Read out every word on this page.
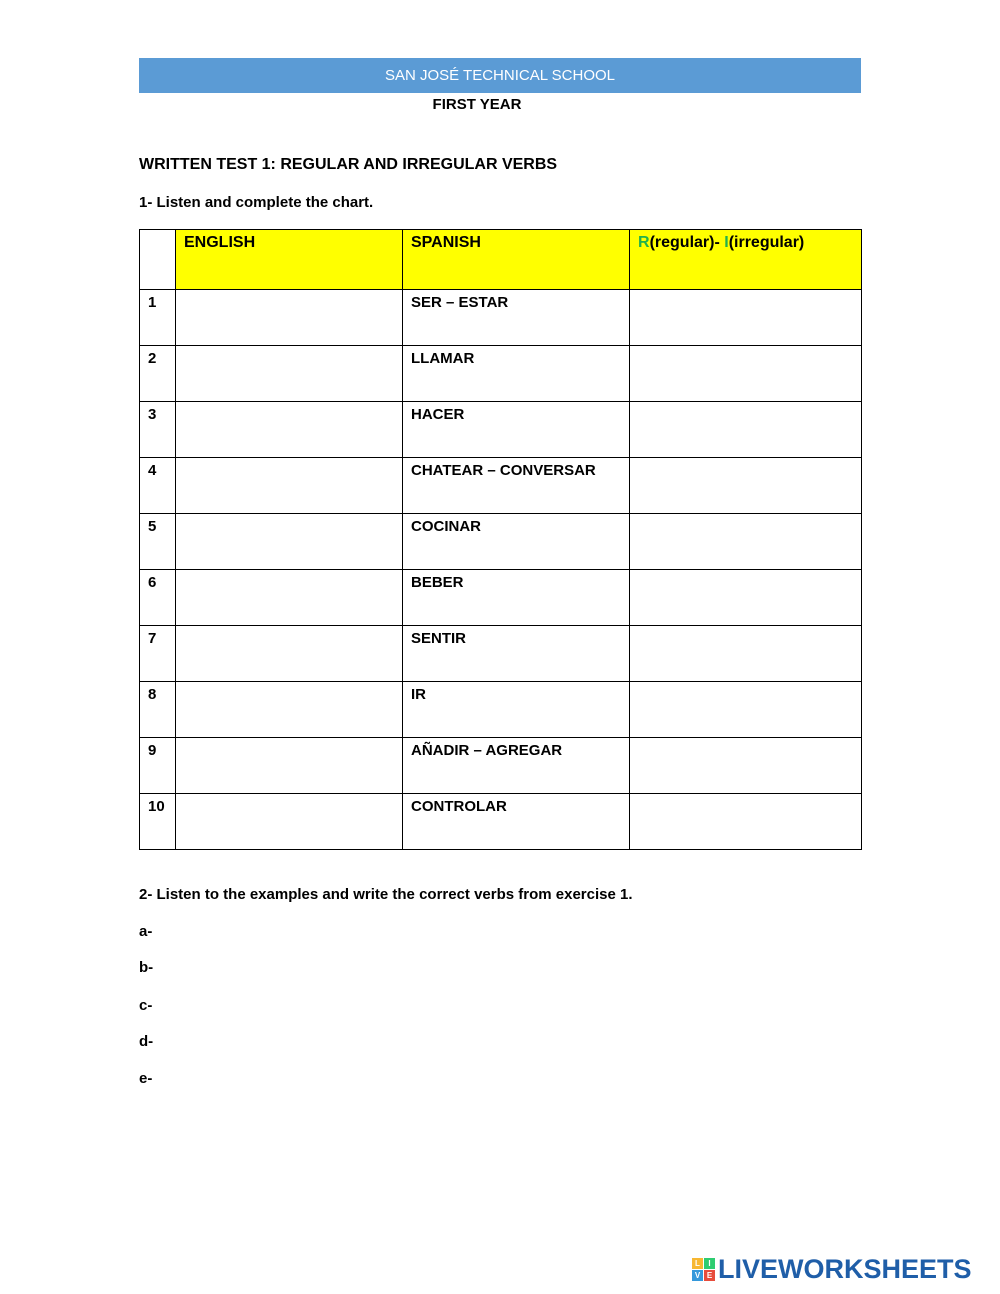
SAN JOSÉ TECHNICAL SCHOOL
FIRST YEAR
WRITTEN TEST 1: REGULAR AND IRREGULAR VERBS
1- Listen and complete the chart.
	ENGLISH	SPANISH	R(regular)- I(irregular)
1		SER – ESTAR	
2		LLAMAR	
3		HACER	
4		CHATEAR – CONVERSAR	
5		COCINAR	
6		BEBER	
7		SENTIR	
8		IR	
9		AÑADIR – AGREGAR	
10		CONTROLAR	
2- Listen to the examples and write the correct verbs from exercise 1.
a-
b-
c-
d-
e-
L	I
V E LIVEWORKSHEETS
